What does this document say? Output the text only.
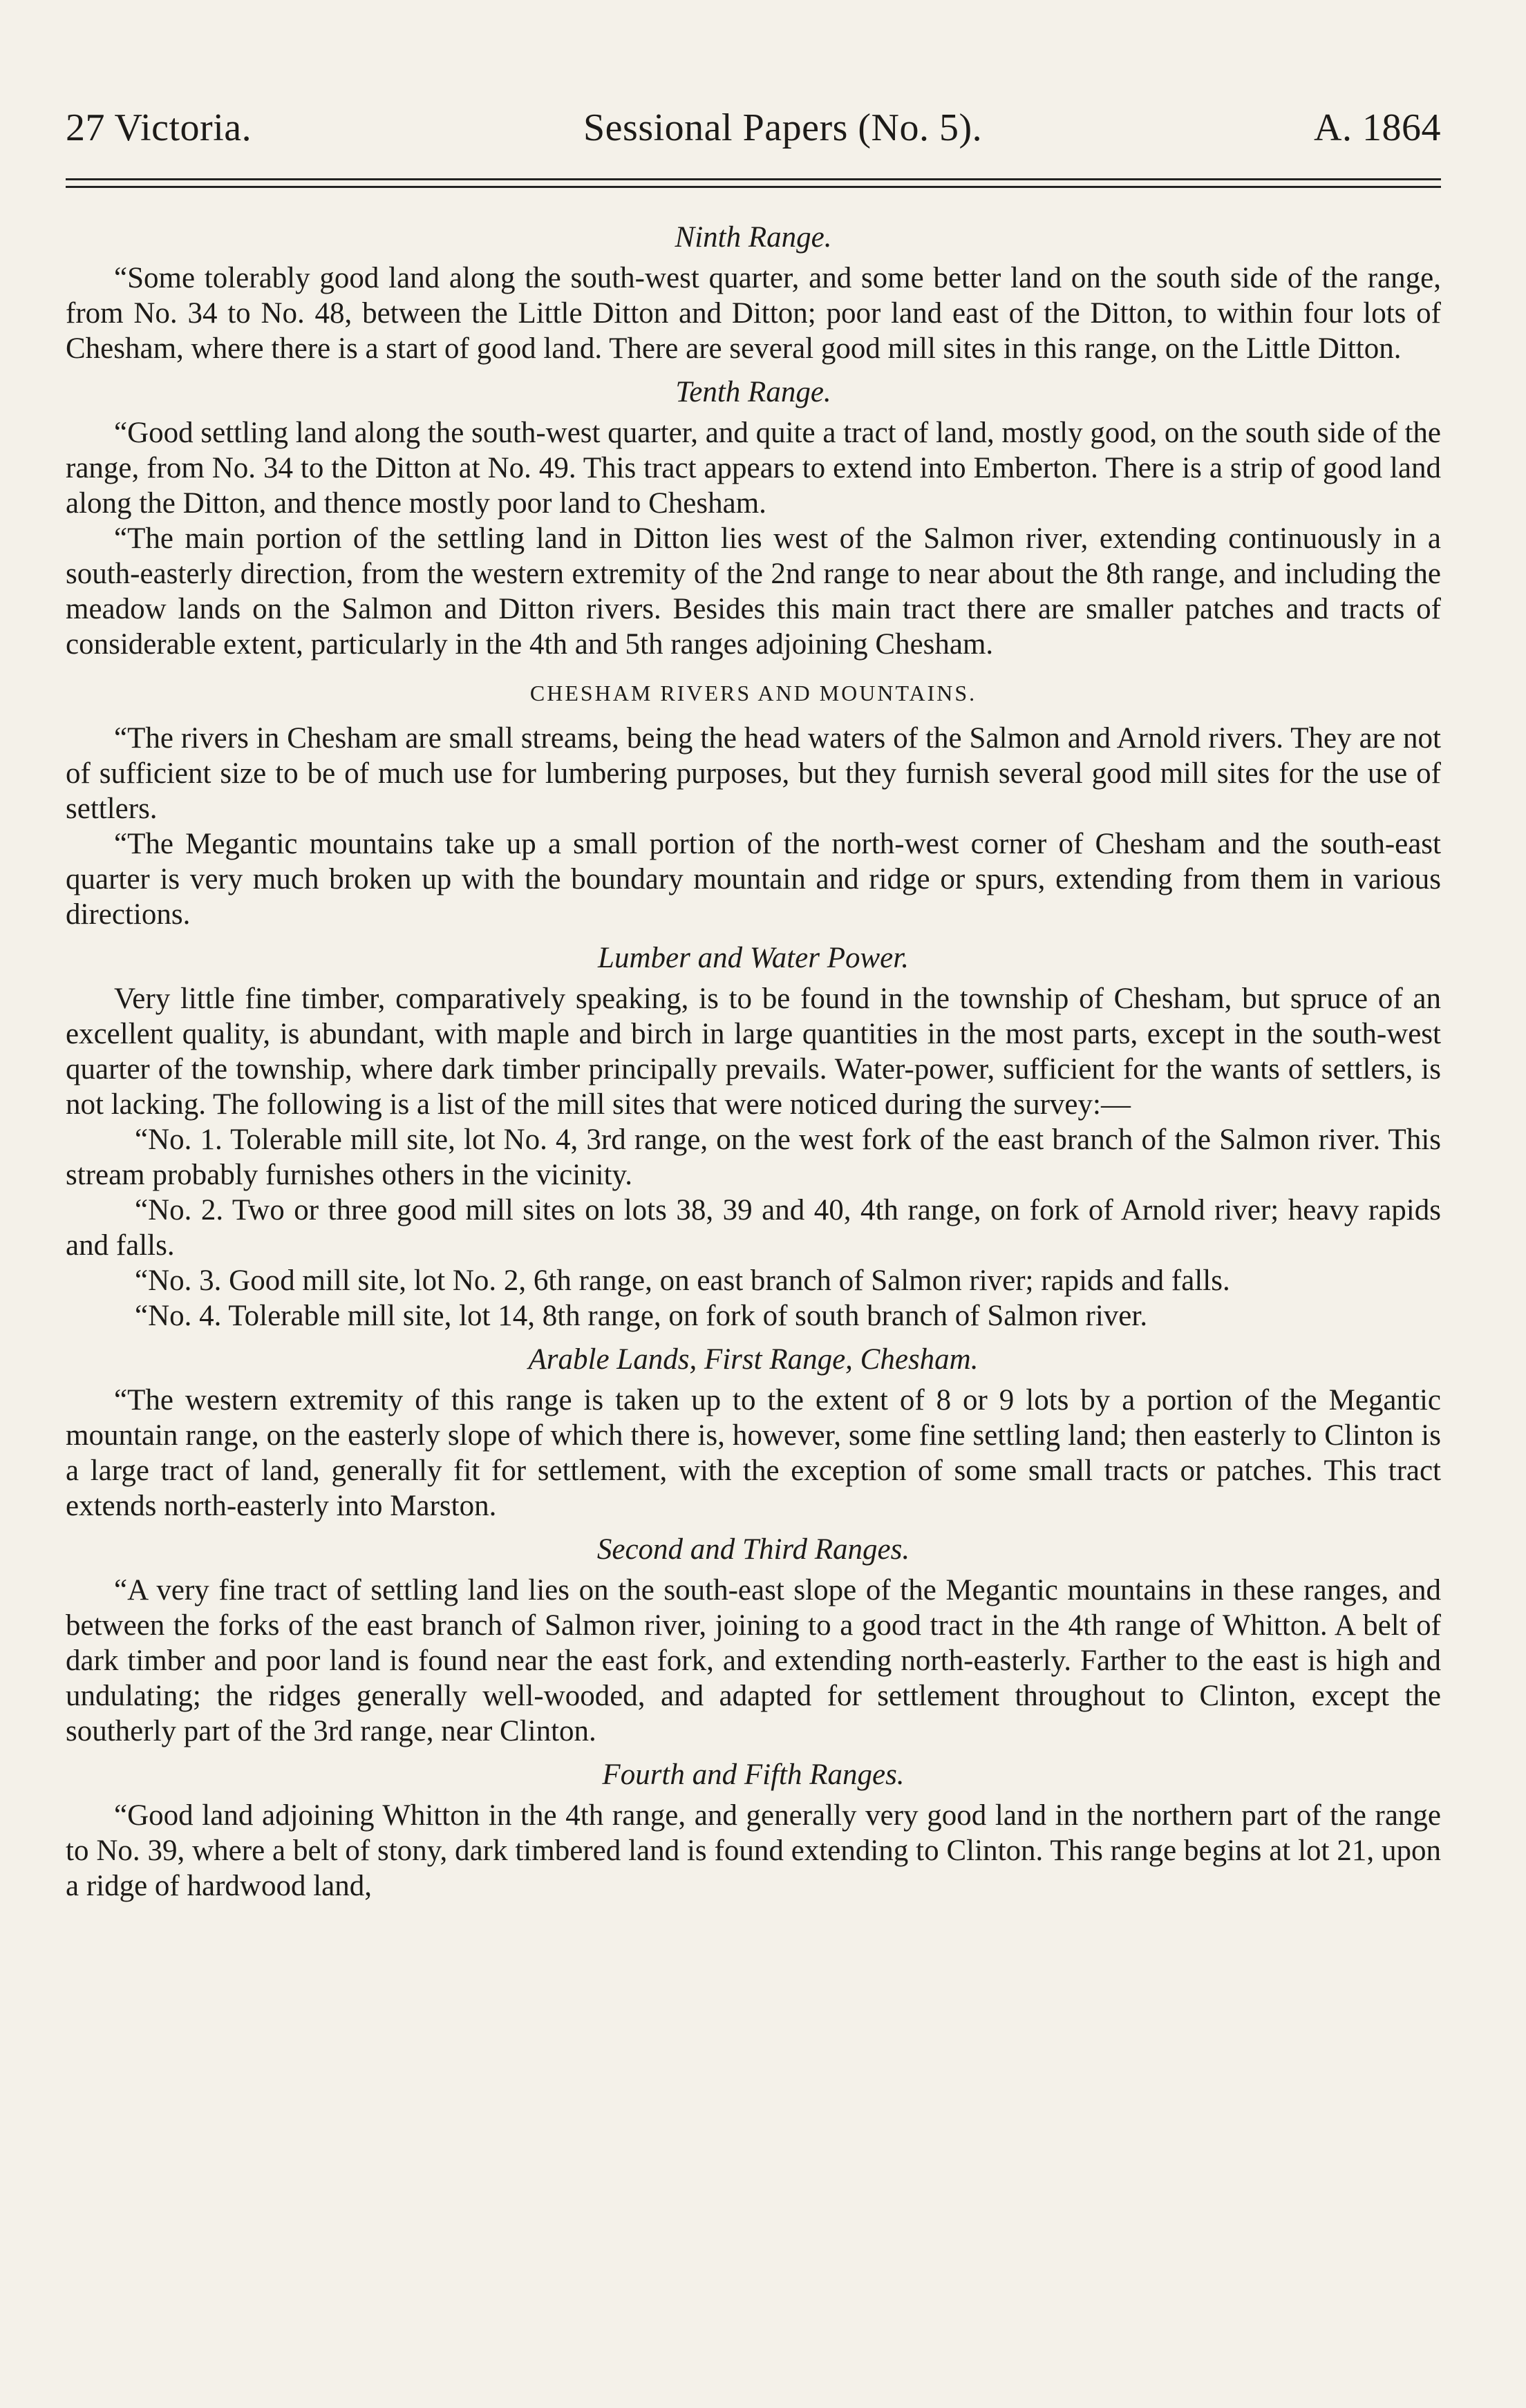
27 Victoria.	Sessional Papers (No. 5).	A. 1864
Ninth Range.

“Some tolerably good land along the south-west quarter, and some better land on the south side of the range, from No. 34 to No. 48, between the Little Ditton and Ditton; poor land east of the Ditton, to within four lots of Chesham, where there is a start of good land. There are several good mill sites in this range, on the Little Ditton.

Tenth Range.

“Good settling land along the south-west quarter, and quite a tract of land, mostly good, on the south side of the range, from No. 34 to the Ditton at No. 49. This tract appears to extend into Emberton. There is a strip of good land along the Ditton, and thence mostly poor land to Chesham.

“The main portion of the settling land in Ditton lies west of the Salmon river, extending continuously in a south-easterly direction, from the western extremity of the 2nd range to near about the 8th range, and including the meadow lands on the Salmon and Ditton rivers. Besides this main tract there are smaller patches and tracts of considerable extent, particularly in the 4th and 5th ranges adjoining Chesham.

CHESHAM RIVERS AND MOUNTAINS.

“The rivers in Chesham are small streams, being the head waters of the Salmon and Arnold rivers. They are not of sufficient size to be of much use for lumbering purposes, but they furnish several good mill sites for the use of settlers.

“The Megantic mountains take up a small portion of the north-west corner of Chesham and the south-east quarter is very much broken up with the boundary mountain and ridge or spurs, extending from them in various directions.

Lumber and Water Power.

Very little fine timber, comparatively speaking, is to be found in the township of Chesham, but spruce of an excellent quality, is abundant, with maple and birch in large quantities in the most parts, except in the south-west quarter of the township, where dark timber principally prevails. Water-power, sufficient for the wants of settlers, is not lacking. The following is a list of the mill sites that were noticed during the survey:—

“No. 1. Tolerable mill site, lot No. 4, 3rd range, on the west fork of the east branch of the Salmon river. This stream probably furnishes others in the vicinity.

“No. 2. Two or three good mill sites on lots 38, 39 and 40, 4th range, on fork of Arnold river; heavy rapids and falls.

“No. 3. Good mill site, lot No. 2, 6th range, on east branch of Salmon river; rapids and falls.

“No. 4. Tolerable mill site, lot 14, 8th range, on fork of south branch of Salmon river.

Arable Lands, First Range, Chesham.

“The western extremity of this range is taken up to the extent of 8 or 9 lots by a portion of the Megantic mountain range, on the easterly slope of which there is, however, some fine settling land; then easterly to Clinton is a large tract of land, generally fit for settlement, with the exception of some small tracts or patches. This tract extends north-easterly into Marston.

Second and Third Ranges.

“A very fine tract of settling land lies on the south-east slope of the Megantic mountains in these ranges, and between the forks of the east branch of Salmon river, joining to a good tract in the 4th range of Whitton. A belt of dark timber and poor land is found near the east fork, and extending north-easterly. Farther to the east is high and undulating; the ridges generally well-wooded, and adapted for settlement throughout to Clinton, except the southerly part of the 3rd range, near Clinton.

Fourth and Fifth Ranges.

“Good land adjoining Whitton in the 4th range, and generally very good land in the northern part of the range to No. 39, where a belt of stony, dark timbered land is found extending to Clinton. This range begins at lot 21, upon a ridge of hardwood land,
